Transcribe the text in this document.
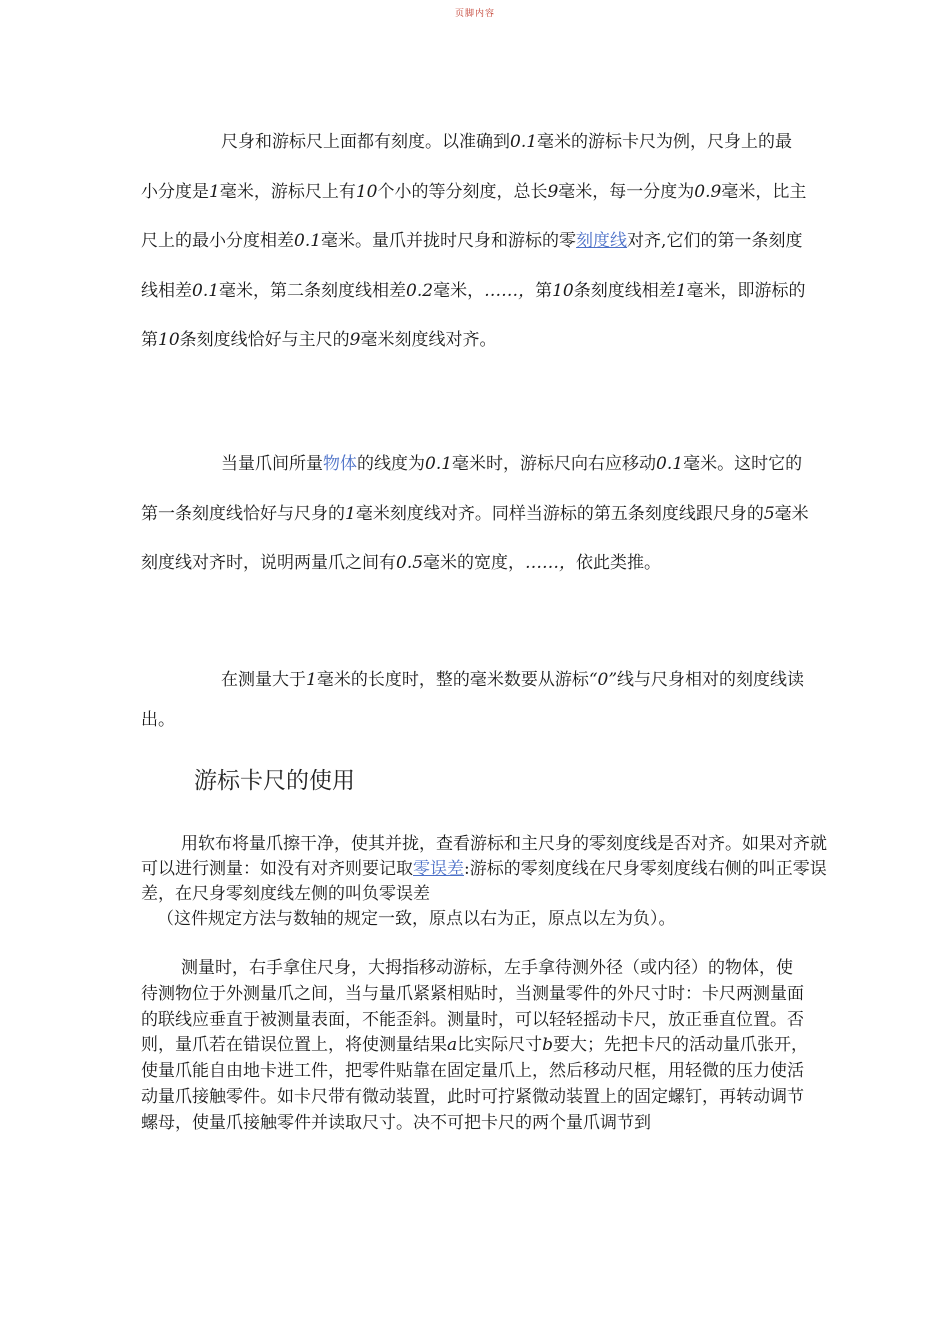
页脚内容

尺身和游标尺上面都有刻度。以准确到0.1毫米的游标卡尺为例，尺身上的最小分度是1毫米，游标尺上有10个小的等分刻度，总长9毫米，每一分度为0.9毫米，比主尺上的最小分度相差0.1毫米。量爪并拢时尺身和游标的零刻度线对齐,它们的第一条刻度线相差0.1毫米，第二条刻度线相差0.2毫米，……，第10条刻度线相差1毫米，即游标的第10条刻度线恰好与主尺的9毫米刻度线对齐。

当量爪间所量物体的线度为0.1毫米时，游标尺向右应移动0.1毫米。这时它的第一条刻度线恰好与尺身的1毫米刻度线对齐。同样当游标的第五条刻度线跟尺身的5毫米刻度线对齐时，说明两量爪之间有0.5毫米的宽度，……，依此类推。

在测量大于1毫米的长度时，整的毫米数要从游标“0”线与尺身相对的刻度线读出。

游标卡尺的使用

用软布将量爪擦干净，使其并拢，查看游标和主尺身的零刻度线是否对齐。如果对齐就可以进行测量：如没有对齐则要记取零误差:游标的零刻度线在尺身零刻度线右侧的叫正零误差，在尺身零刻度线左侧的叫负零误差
（这件规定方法与数轴的规定一致，原点以右为正，原点以左为负）。

测量时，右手拿住尺身，大拇指移动游标，左手拿待测外径（或内径）的物体，使待测物位于外测量爪之间，当与量爪紧紧相贴时，当测量零件的外尺寸时：卡尺两测量面的联线应垂直于被测量表面，不能歪斜。测量时，可以轻轻摇动卡尺，放正垂直位置。否则，量爪若在错误位置上，将使测量结果a比实际尺寸b要大；先把卡尺的活动量爪张开，使量爪能自由地卡进工件，把零件贴靠在固定量爪上，然后移动尺框，用轻微的压力使活动量爪接触零件。如卡尺带有微动装置，此时可拧紧微动装置上的固定螺钉，再转动调节螺母，使量爪接触零件并读取尺寸。决不可把卡尺的两个量爪调节到
